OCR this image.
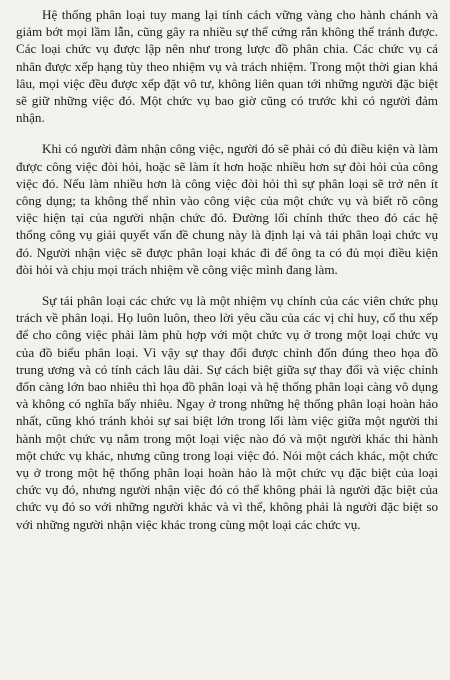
Hệ thống phân loại tuy mang lại tính cách vững vàng cho hành chánh và giảm bớt mọi lầm lẫn, cũng gây ra nhiều sự thể cứng rắn không thể tránh được. Các loại chức vụ được lập nên như trong lược đồ phân chia. Các chức vụ cá nhân được xếp hạng tùy theo nhiệm vụ và trách nhiệm. Trong một thời gian khá lâu, mọi việc đều được xếp đặt vô tư, không liên quan tới những người đặc biệt sẽ giữ những việc đó. Một chức vụ bao giờ cũng có trước khi có người đảm nhận.

Khi có người đảm nhận công việc, người đó sẽ phải có đủ điều kiện và làm được công việc đòi hỏi, hoặc sẽ làm ít hơn hoặc nhiều hơn sự đòi hỏi của công việc đó. Nếu làm nhiều hơn là công việc đòi hỏi thì sự phân loại sẽ trở nên ít công dụng; ta không thể nhìn vào công việc của một chức vụ và biết rõ công việc hiện tại của người nhận chức đó. Đường lối chính thức theo đó các hệ thống công vụ giải quyết vấn đề chung này là định lại và tái phân loại chức vụ đó. Người nhận việc sẽ được phân loại khác đi để ông ta có đủ mọi điều kiện đòi hỏi và chịu mọi trách nhiệm về công việc mình đang làm.

Sự tái phân loại các chức vụ là một nhiệm vụ chính của các viên chức phụ trách về phân loại. Họ luôn luôn, theo lời yêu cầu của các vị chỉ huy, cố thu xếp để cho công việc phải làm phù hợp với một chức vụ ở trong một loại chức vụ của đồ biểu phân loại. Vì vậy sự thay đổi được chỉnh đốn đúng theo họa đồ trung ương và có tính cách lâu dài. Sự cách biệt giữa sự thay đổi và việc chỉnh đốn càng lớn bao nhiêu thì họa đồ phân loại và hệ thống phân loại càng vô dụng và không có nghĩa bấy nhiêu. Ngay ở trong những hệ thống phân loại hoàn hảo nhất, cũng khó tránh khỏi sự sai biệt lớn trong lối làm việc giữa một người thi hành một chức vụ nằm trong một loại việc nào đó và một người khác thi hành một chức vụ khác, nhưng cũng trong loại việc đó. Nói một cách khác, một chức vụ ở trong một hệ thống phân loại hoàn hảo là một chức vụ đặc biệt của loại chức vụ đó, nhưng người nhận việc đó có thể không phải là người đặc biệt của chức vụ đó so với những người khác và vì thế, không phải là người đặc biệt so với những người nhận việc khác trong cùng một loại các chức vụ.
